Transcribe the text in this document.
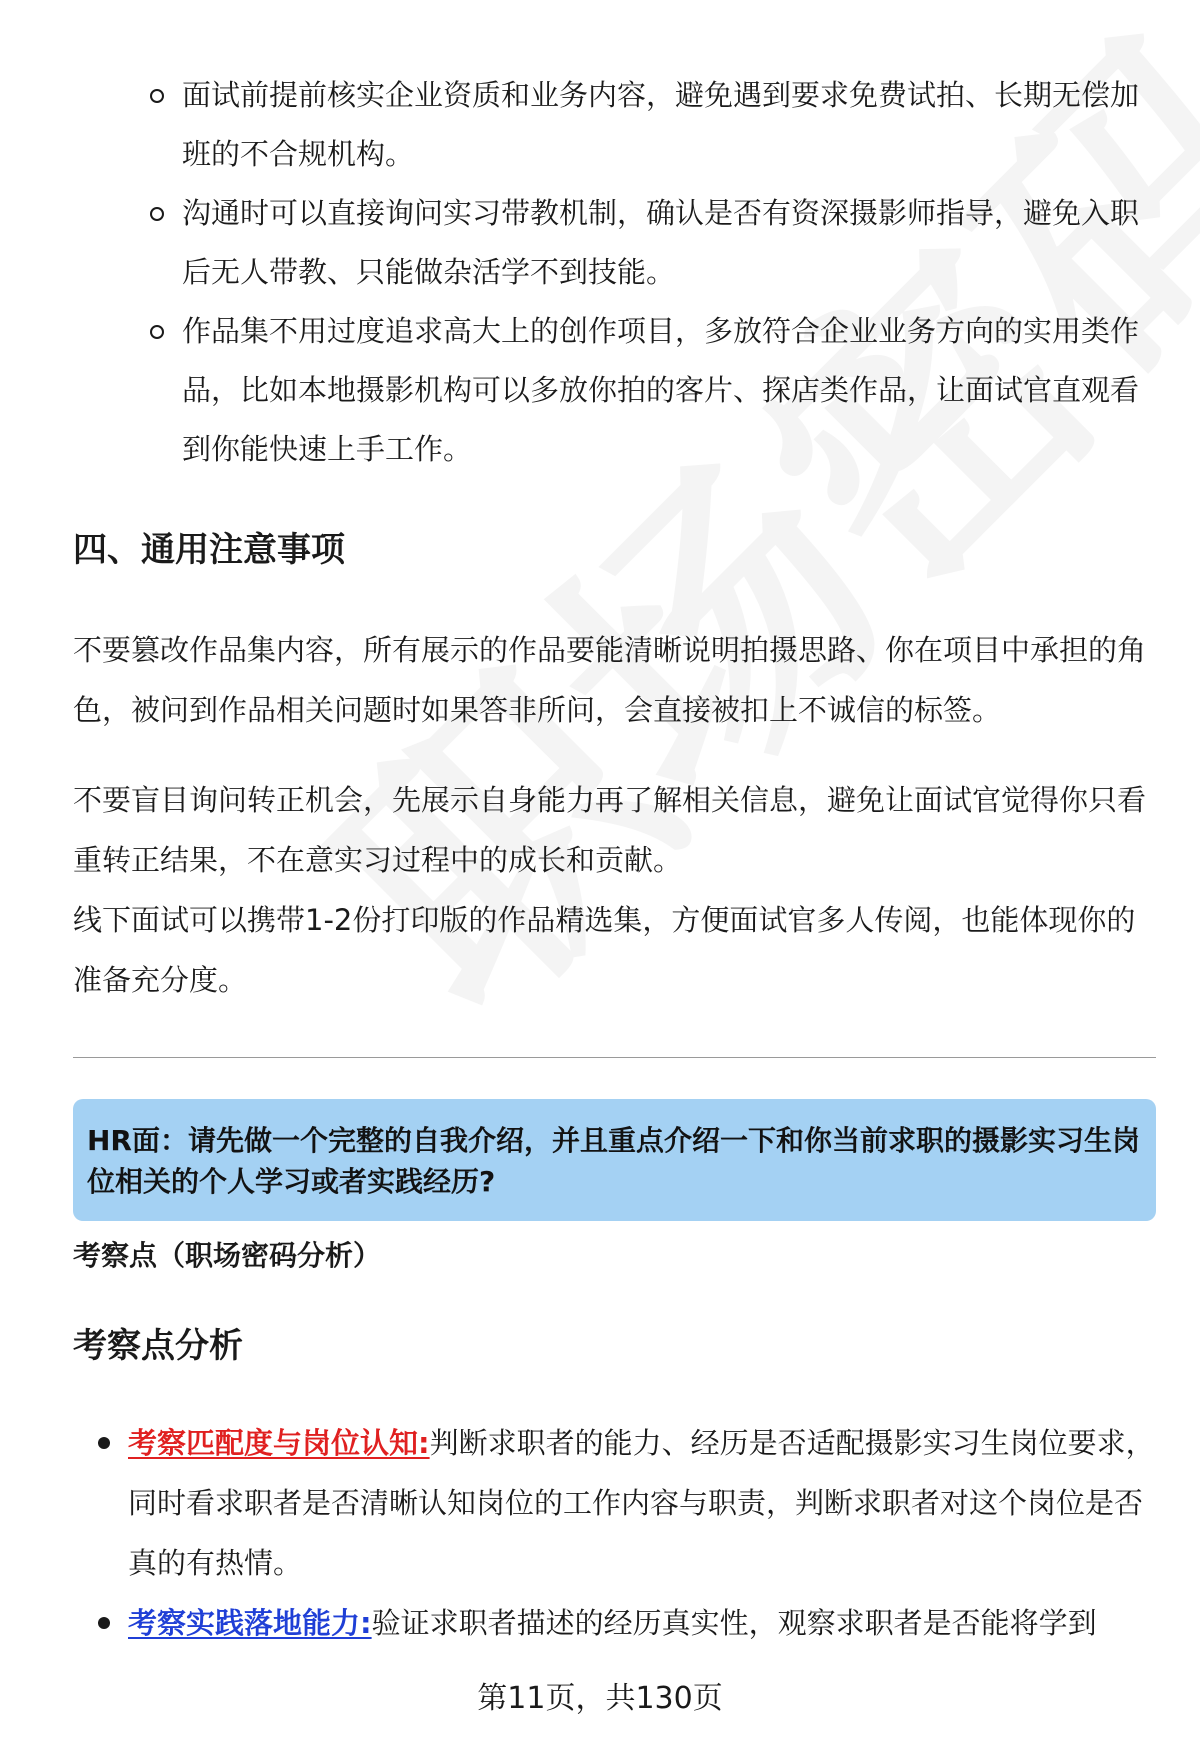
面试前提前核实企业资质和业务内容，避免遇到要求免费试拍、长期无偿加班的不合规机构。
沟通时可以直接询问实习带教机制，确认是否有资深摄影师指导，避免入职后无人带教、只能做杂活学不到技能。
作品集不用过度追求高大上的创作项目，多放符合企业业务方向的实用类作品，比如本地摄影机构可以多放你拍的客片、探店类作品，让面试官直观看到你能快速上手工作。
四、通用注意事项

不要篡改作品集内容，所有展示的作品要能清晰说明拍摄思路、你在项目中承担的角色，被问到作品相关问题时如果答非所问，会直接被扣上不诚信的标签。

不要盲目询问转正机会，先展示自身能力再了解相关信息，避免让面试官觉得你只看重转正结果，不在意实习过程中的成长和贡献。

线下面试可以携带1-2份打印版的作品精选集，方便面试官多人传阅，也能体现你的准备充分度。

HR面：请先做一个完整的自我介绍，并且重点介绍一下和你当前求职的摄影实习生岗位相关的个人学习或者实践经历?
考察点（职场密码分析）
考察点分析
考察匹配度与岗位认知:判断求职者的能力、经历是否适配摄影实习生岗位要求，同时看求职者是否清晰认知岗位的工作内容与职责，判断求职者对这个岗位是否真的有热情。
考察实践落地能力:验证求职者描述的经历真实性，观察求职者是否能将学到
第11页，共130页
